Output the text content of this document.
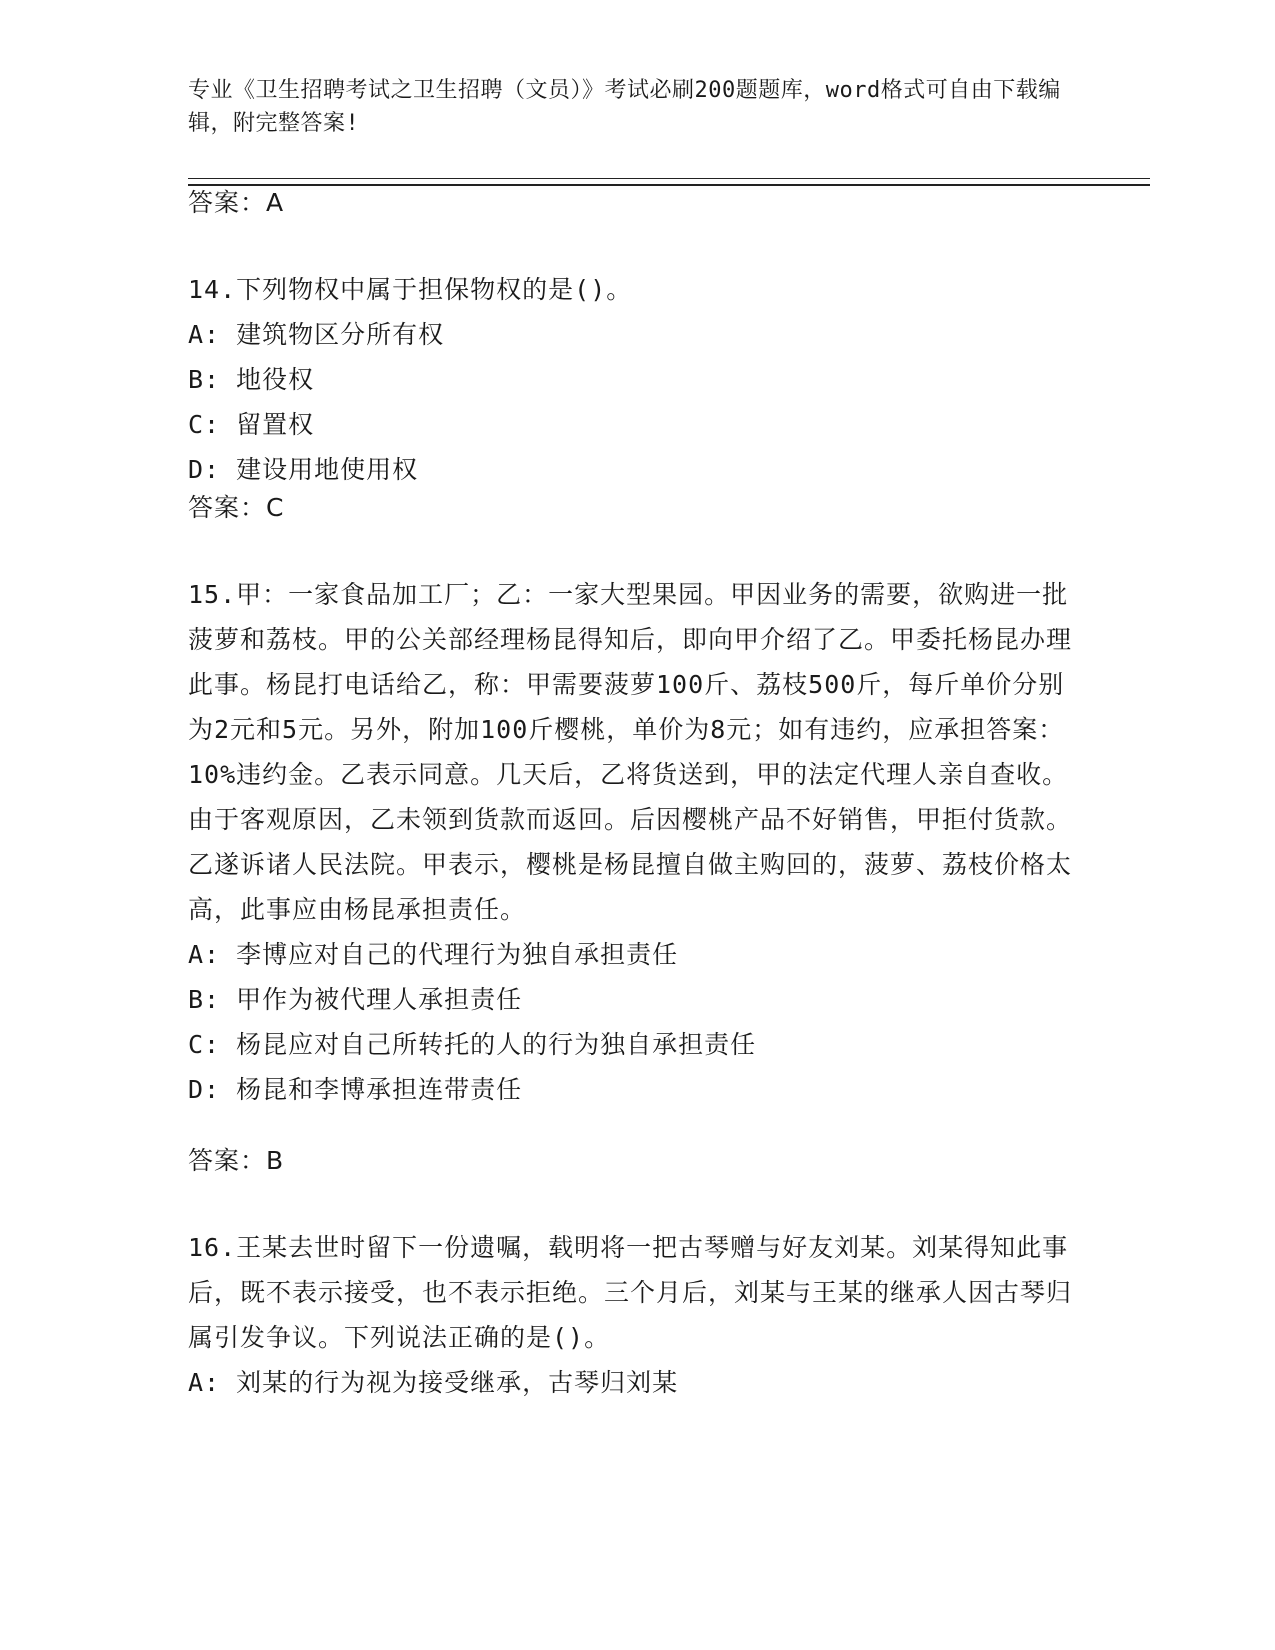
专业《卫生招聘考试之卫生招聘（文员）》考试必刷200题题库，word格式可自由下载编辑，附完整答案!
答案：A
14.下列物权中属于担保物权的是()。
A: 建筑物区分所有权
B: 地役权
C: 留置权
D: 建设用地使用权
答案：C
15.甲：一家食品加工厂；乙：一家大型果园。甲因业务的需要，欲购进一批菠萝和荔枝。甲的公关部经理杨昆得知后，即向甲介绍了乙。甲委托杨昆办理此事。杨昆打电话给乙，称：甲需要菠萝100斤、荔枝500斤，每斤单价分别为2元和5元。另外，附加100斤樱桃，单价为8元；如有违约，应承担答案：10%违约金。乙表示同意。几天后，乙将货送到，甲的法定代理人亲自查收。由于客观原因，乙未领到货款而返回。后因樱桃产品不好销售，甲拒付货款。乙遂诉诸人民法院。甲表示，樱桃是杨昆擅自做主购回的，菠萝、荔枝价格太高，此事应由杨昆承担责任。
A: 李博应对自己的代理行为独自承担责任
B: 甲作为被代理人承担责任
C: 杨昆应对自己所转托的人的行为独自承担责任
D: 杨昆和李博承担连带责任
答案：B
16.王某去世时留下一份遗嘱，载明将一把古琴赠与好友刘某。刘某得知此事后，既不表示接受，也不表示拒绝。三个月后，刘某与王某的继承人因古琴归属引发争议。下列说法正确的是()。
A: 刘某的行为视为接受继承，古琴归刘某
